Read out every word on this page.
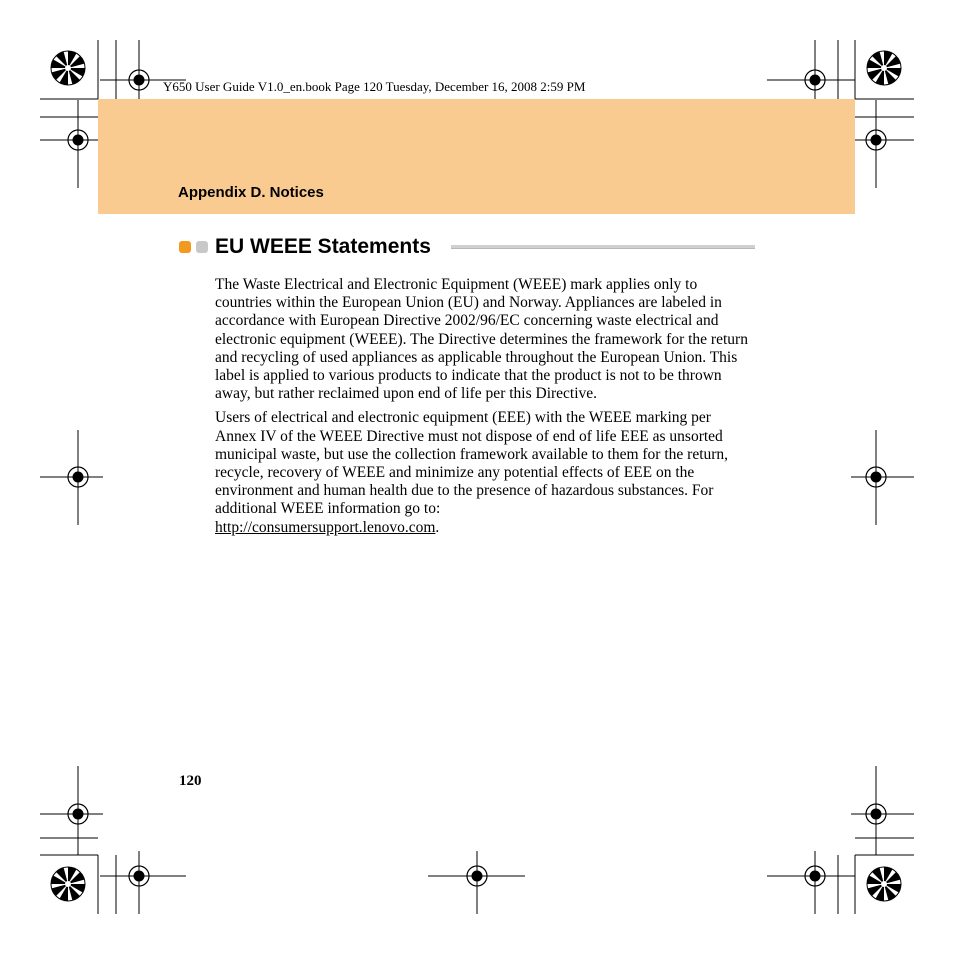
Y650 User Guide V1.0_en.book Page 120 Tuesday, December 16, 2008 2:59 PM
Appendix D. Notices
EU WEEE Statements

The Waste Electrical and Electronic Equipment (WEEE) mark applies only to countries within the European Union (EU) and Norway. Appliances are labeled in accordance with European Directive 2002/96/EC concerning waste electrical and electronic equipment (WEEE). The Directive determines the framework for the return and recycling of used appliances as applicable throughout the European Union. This label is applied to various products to indicate that the product is not to be thrown away, but rather reclaimed upon end of life per this Directive.

Users of electrical and electronic equipment (EEE) with the WEEE marking per Annex IV of the WEEE Directive must not dispose of end of life EEE as unsorted municipal waste, but use the collection framework available to them for the return, recycle, recovery of WEEE and minimize any potential effects of EEE on the environment and human health due to the presence of hazardous substances. For additional WEEE information go to:
http://consumersupport.lenovo.com.

120
